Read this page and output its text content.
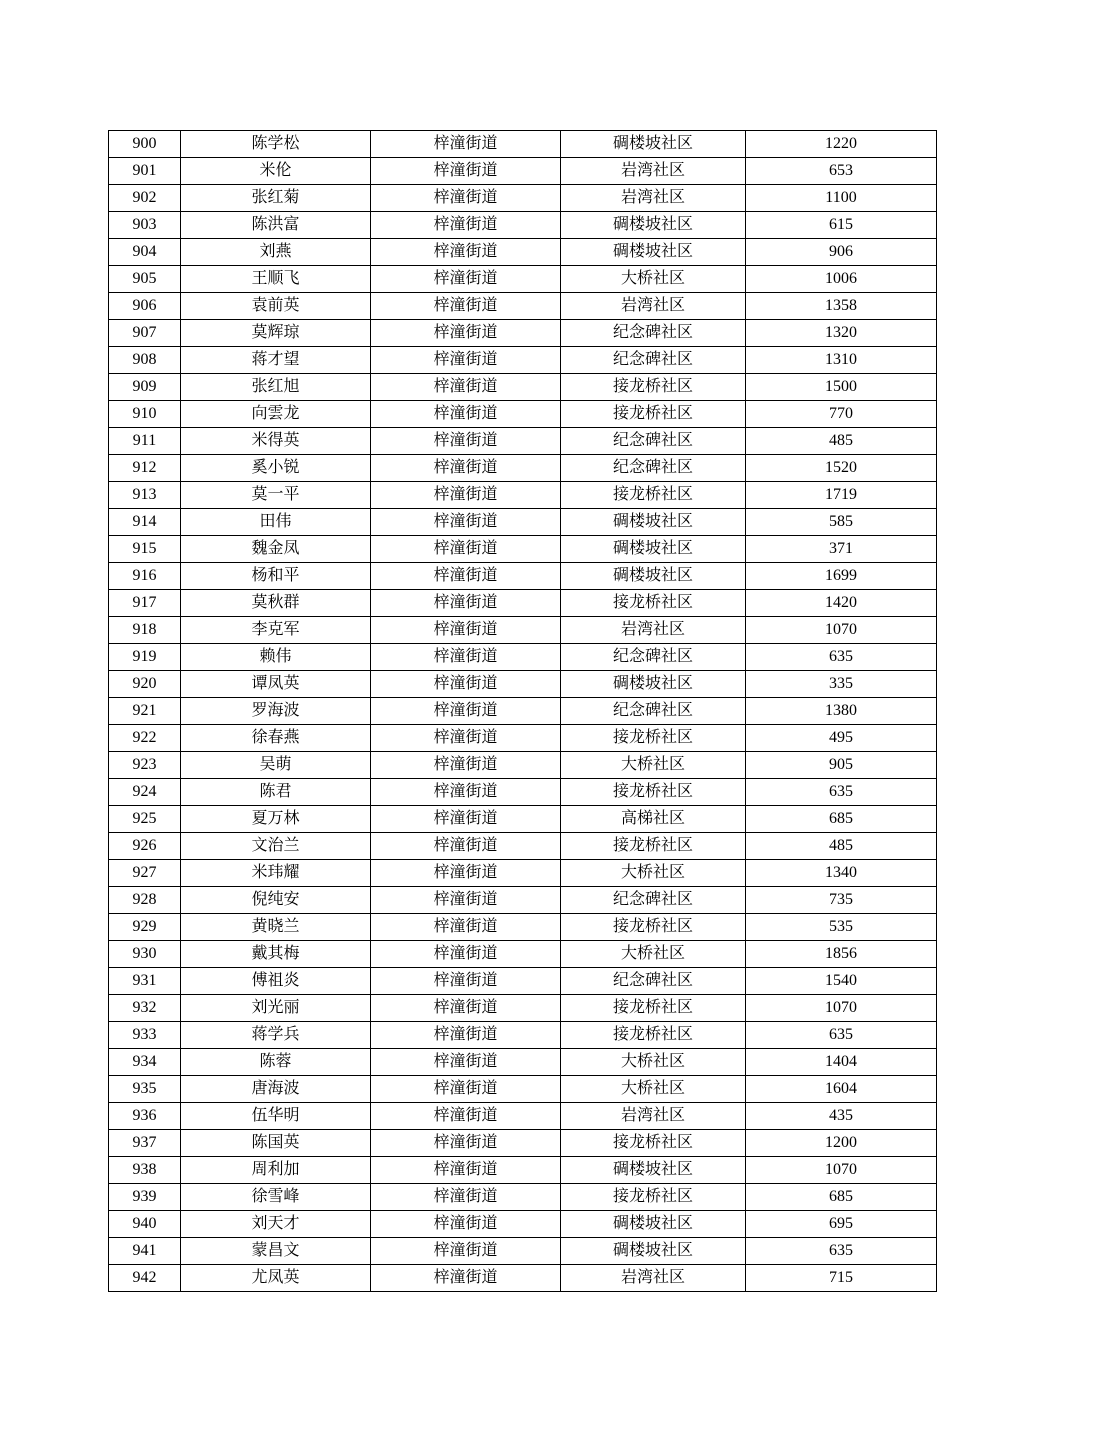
900	陈学松	梓潼街道	碉楼坡社区	1220
901	米伦	梓潼街道	岩湾社区	653
902	张红菊	梓潼街道	岩湾社区	1100
903	陈洪富	梓潼街道	碉楼坡社区	615
904	刘燕	梓潼街道	碉楼坡社区	906
905	王顺飞	梓潼街道	大桥社区	1006
906	袁前英	梓潼街道	岩湾社区	1358
907	莫辉琼	梓潼街道	纪念碑社区	1320
908	蒋才望	梓潼街道	纪念碑社区	1310
909	张红旭	梓潼街道	接龙桥社区	1500
910	向雲龙	梓潼街道	接龙桥社区	770
911	米得英	梓潼街道	纪念碑社区	485
912	奚小锐	梓潼街道	纪念碑社区	1520
913	莫一平	梓潼街道	接龙桥社区	1719
914	田伟	梓潼街道	碉楼坡社区	585
915	魏金凤	梓潼街道	碉楼坡社区	371
916	杨和平	梓潼街道	碉楼坡社区	1699
917	莫秋群	梓潼街道	接龙桥社区	1420
918	李克军	梓潼街道	岩湾社区	1070
919	赖伟	梓潼街道	纪念碑社区	635
920	谭凤英	梓潼街道	碉楼坡社区	335
921	罗海波	梓潼街道	纪念碑社区	1380
922	徐春燕	梓潼街道	接龙桥社区	495
923	吴萌	梓潼街道	大桥社区	905
924	陈君	梓潼街道	接龙桥社区	635
925	夏万林	梓潼街道	高梯社区	685
926	文治兰	梓潼街道	接龙桥社区	485
927	米玮耀	梓潼街道	大桥社区	1340
928	倪纯安	梓潼街道	纪念碑社区	735
929	黄晓兰	梓潼街道	接龙桥社区	535
930	戴其梅	梓潼街道	大桥社区	1856
931	傅祖炎	梓潼街道	纪念碑社区	1540
932	刘光丽	梓潼街道	接龙桥社区	1070
933	蒋学兵	梓潼街道	接龙桥社区	635
934	陈蓉	梓潼街道	大桥社区	1404
935	唐海波	梓潼街道	大桥社区	1604
936	伍华明	梓潼街道	岩湾社区	435
937	陈国英	梓潼街道	接龙桥社区	1200
938	周利加	梓潼街道	碉楼坡社区	1070
939	徐雪峰	梓潼街道	接龙桥社区	685
940	刘天才	梓潼街道	碉楼坡社区	695
941	蒙昌文	梓潼街道	碉楼坡社区	635
942	尤凤英	梓潼街道	岩湾社区	715
